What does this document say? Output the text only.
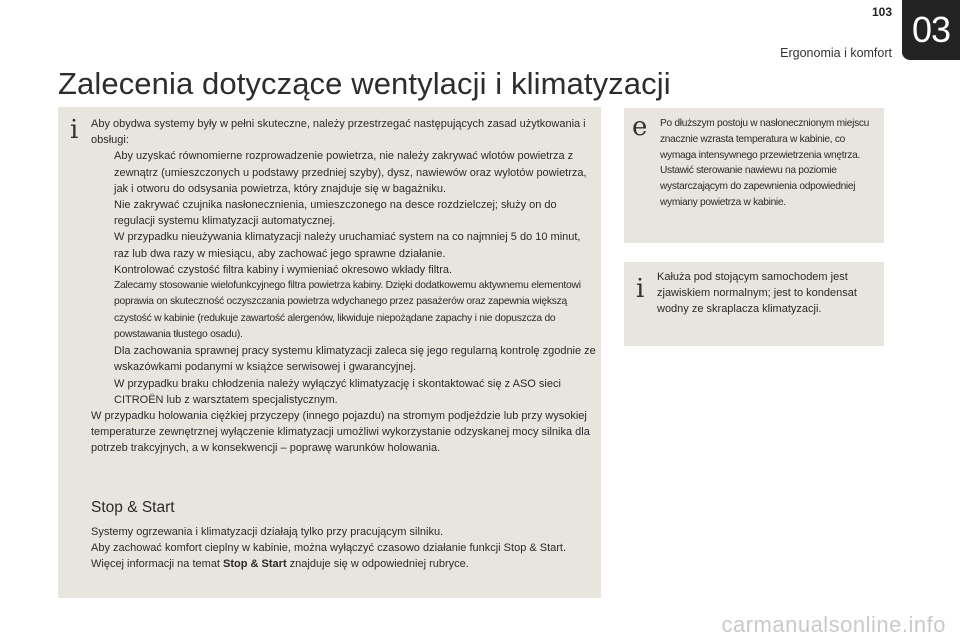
103 03
Ergonomia i komfort
Zalecenia dotyczące wentylacji i klimatyzacji
i Aby obydwa systemy były w pełni skuteczne, należy przestrzegać następujących zasad użytkowania i obsługi:

Aby uzyskać równomierne rozprowadzenie powietrza, nie należy zakrywać wlotów powietrza z zewnątrz (umieszczonych u podstawy przedniej szyby), dysz, nawiewów oraz wylotów powietrza, jak i otworu do odsysania powietrza, który znajduje się w bagażniku.
Nie zakrywać czujnika nasłonecznienia, umieszczonego na desce rozdzielczej; służy on do regulacji systemu klimatyzacji automatycznej.
W przypadku nieużywania klimatyzacji należy uruchamiać system na co najmniej 5 do 10 minut, raz lub dwa razy w miesiącu, aby zachować jego sprawne działanie.
Kontrolować czystość filtra kabiny i wymieniać okresowo wkłady filtra.
Zalecamy stosowanie wielofunkcyjnego filtra powietrza kabiny. Dzięki dodatkowemu aktywnemu elementowi poprawia on skuteczność oczyszczania powietrza wdychanego przez pasażerów oraz zapewnia większą czystość w kabinie (redukuje zawartość alergenów, likwiduje niepożądane zapachy i nie dopuszcza do powstawania tłustego osadu).
Dla zachowania sprawnej pracy systemu klimatyzacji zaleca się jego regularną kontrolę zgodnie ze wskazówkami podanymi w książce serwisowej i gwarancyjnej.
W przypadku braku chłodzenia należy wyłączyć klimatyzację i skontaktować się z ASO sieci CITROËN lub z warsztatem specjalistycznym.

W przypadku holowania ciężkiej przyczepy (innego pojazdu) na stromym podjeździe lub przy wysokiej temperaturze zewnętrznej wyłączenie klimatyzacji umożliwi wykorzystanie odzyskanej mocy silnika dla potrzeb trakcyjnych, a w konsekwencji – poprawę warunków holowania.

Stop & Start

Systemy ogrzewania i klimatyzacji działają tylko przy pracującym silniku.

Aby zachować komfort cieplny w kabinie, można wyłączyć czasowo działanie funkcji Stop & Start.

Więcej informacji na temat Stop & Start znajduje się w odpowiedniej rubryce.

e Po dłuższym postoju w nasłonecznionym miejscu znacznie wzrasta temperatura w kabinie, co wymaga intensywnego przewietrzenia wnętrza.

Ustawić sterowanie nawiewu na poziomie wystarczającym do zapewnienia odpowiedniej wymiany powietrza w kabinie.

i Kałuża pod stojącym samochodem jest zjawiskiem normalnym; jest to kondensat wodny ze skraplacza klimatyzacji.

carmanualsonline.info
